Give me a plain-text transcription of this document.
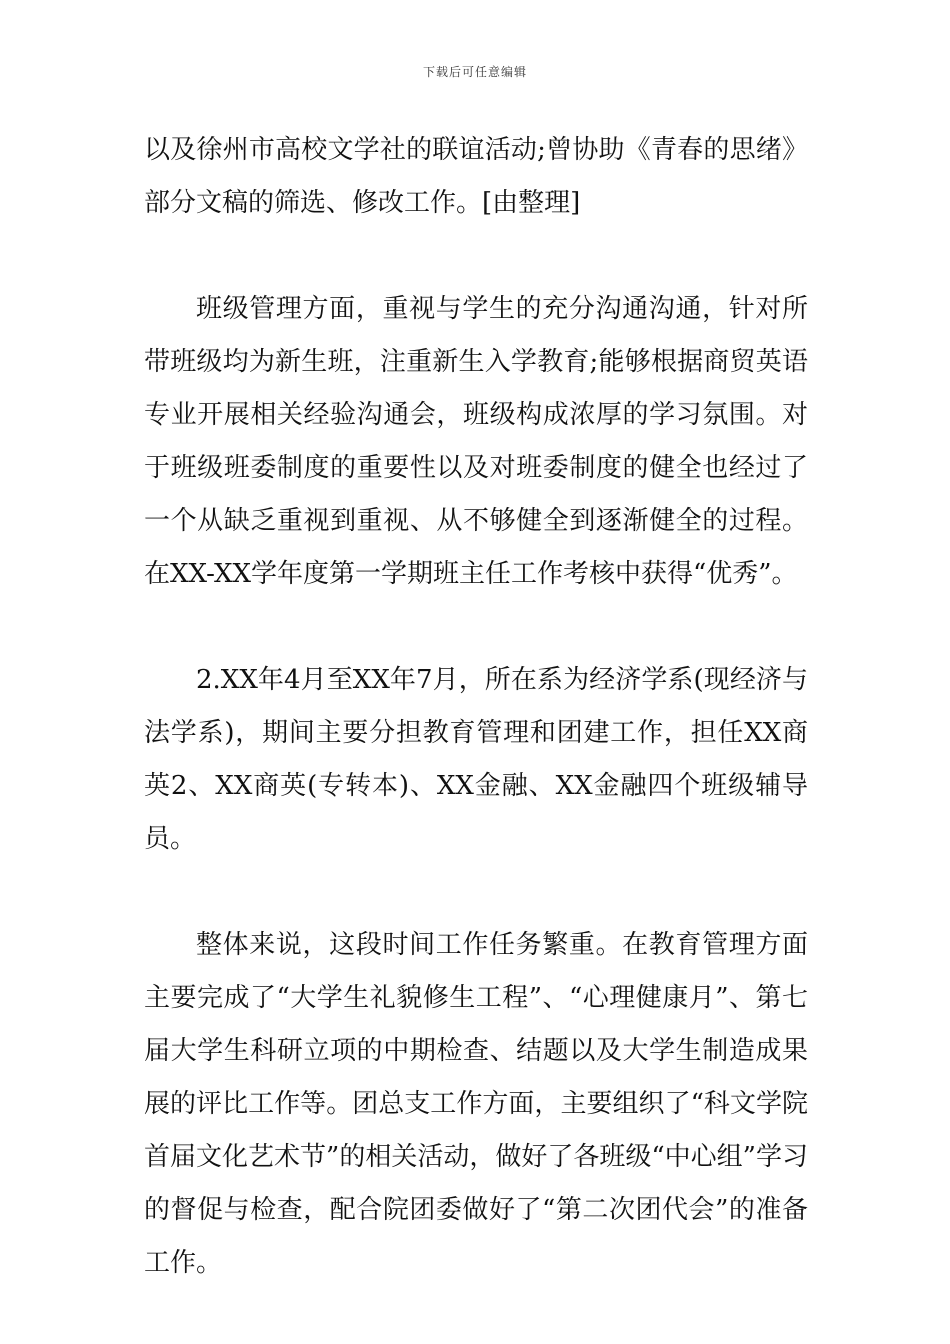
下载后可任意编辑

以及徐州市高校文学社的联谊活动;曾协助《青春的思绪》部分文稿的筛选、修改工作。[由整理]

班级管理方面，重视与学生的充分沟通沟通，针对所带班级均为新生班，注重新生入学教育;能够根据商贸英语专业开展相关经验沟通会，班级构成浓厚的学习氛围。对于班级班委制度的重要性以及对班委制度的健全也经过了一个从缺乏重视到重视、从不够健全到逐渐健全的过程。在XX-XX学年度第一学期班主任工作考核中获得“优秀”。

2.XX年4月至XX年7月，所在系为经济学系(现经济与法学系)，期间主要分担教育管理和团建工作，担任XX商英2、XX商英(专转本)、XX金融、XX金融四个班级辅导员。

整体来说，这段时间工作任务繁重。在教育管理方面主要完成了“大学生礼貌修生工程”、“心理健康月”、第七届大学生科研立项的中期检查、结题以及大学生制造成果展的评比工作等。团总支工作方面，主要组织了“科文学院首届文化艺术节”的相关活动，做好了各班级“中心组”学习的督促与检查，配合院团委做好了“第二次团代会”的准备工作。
